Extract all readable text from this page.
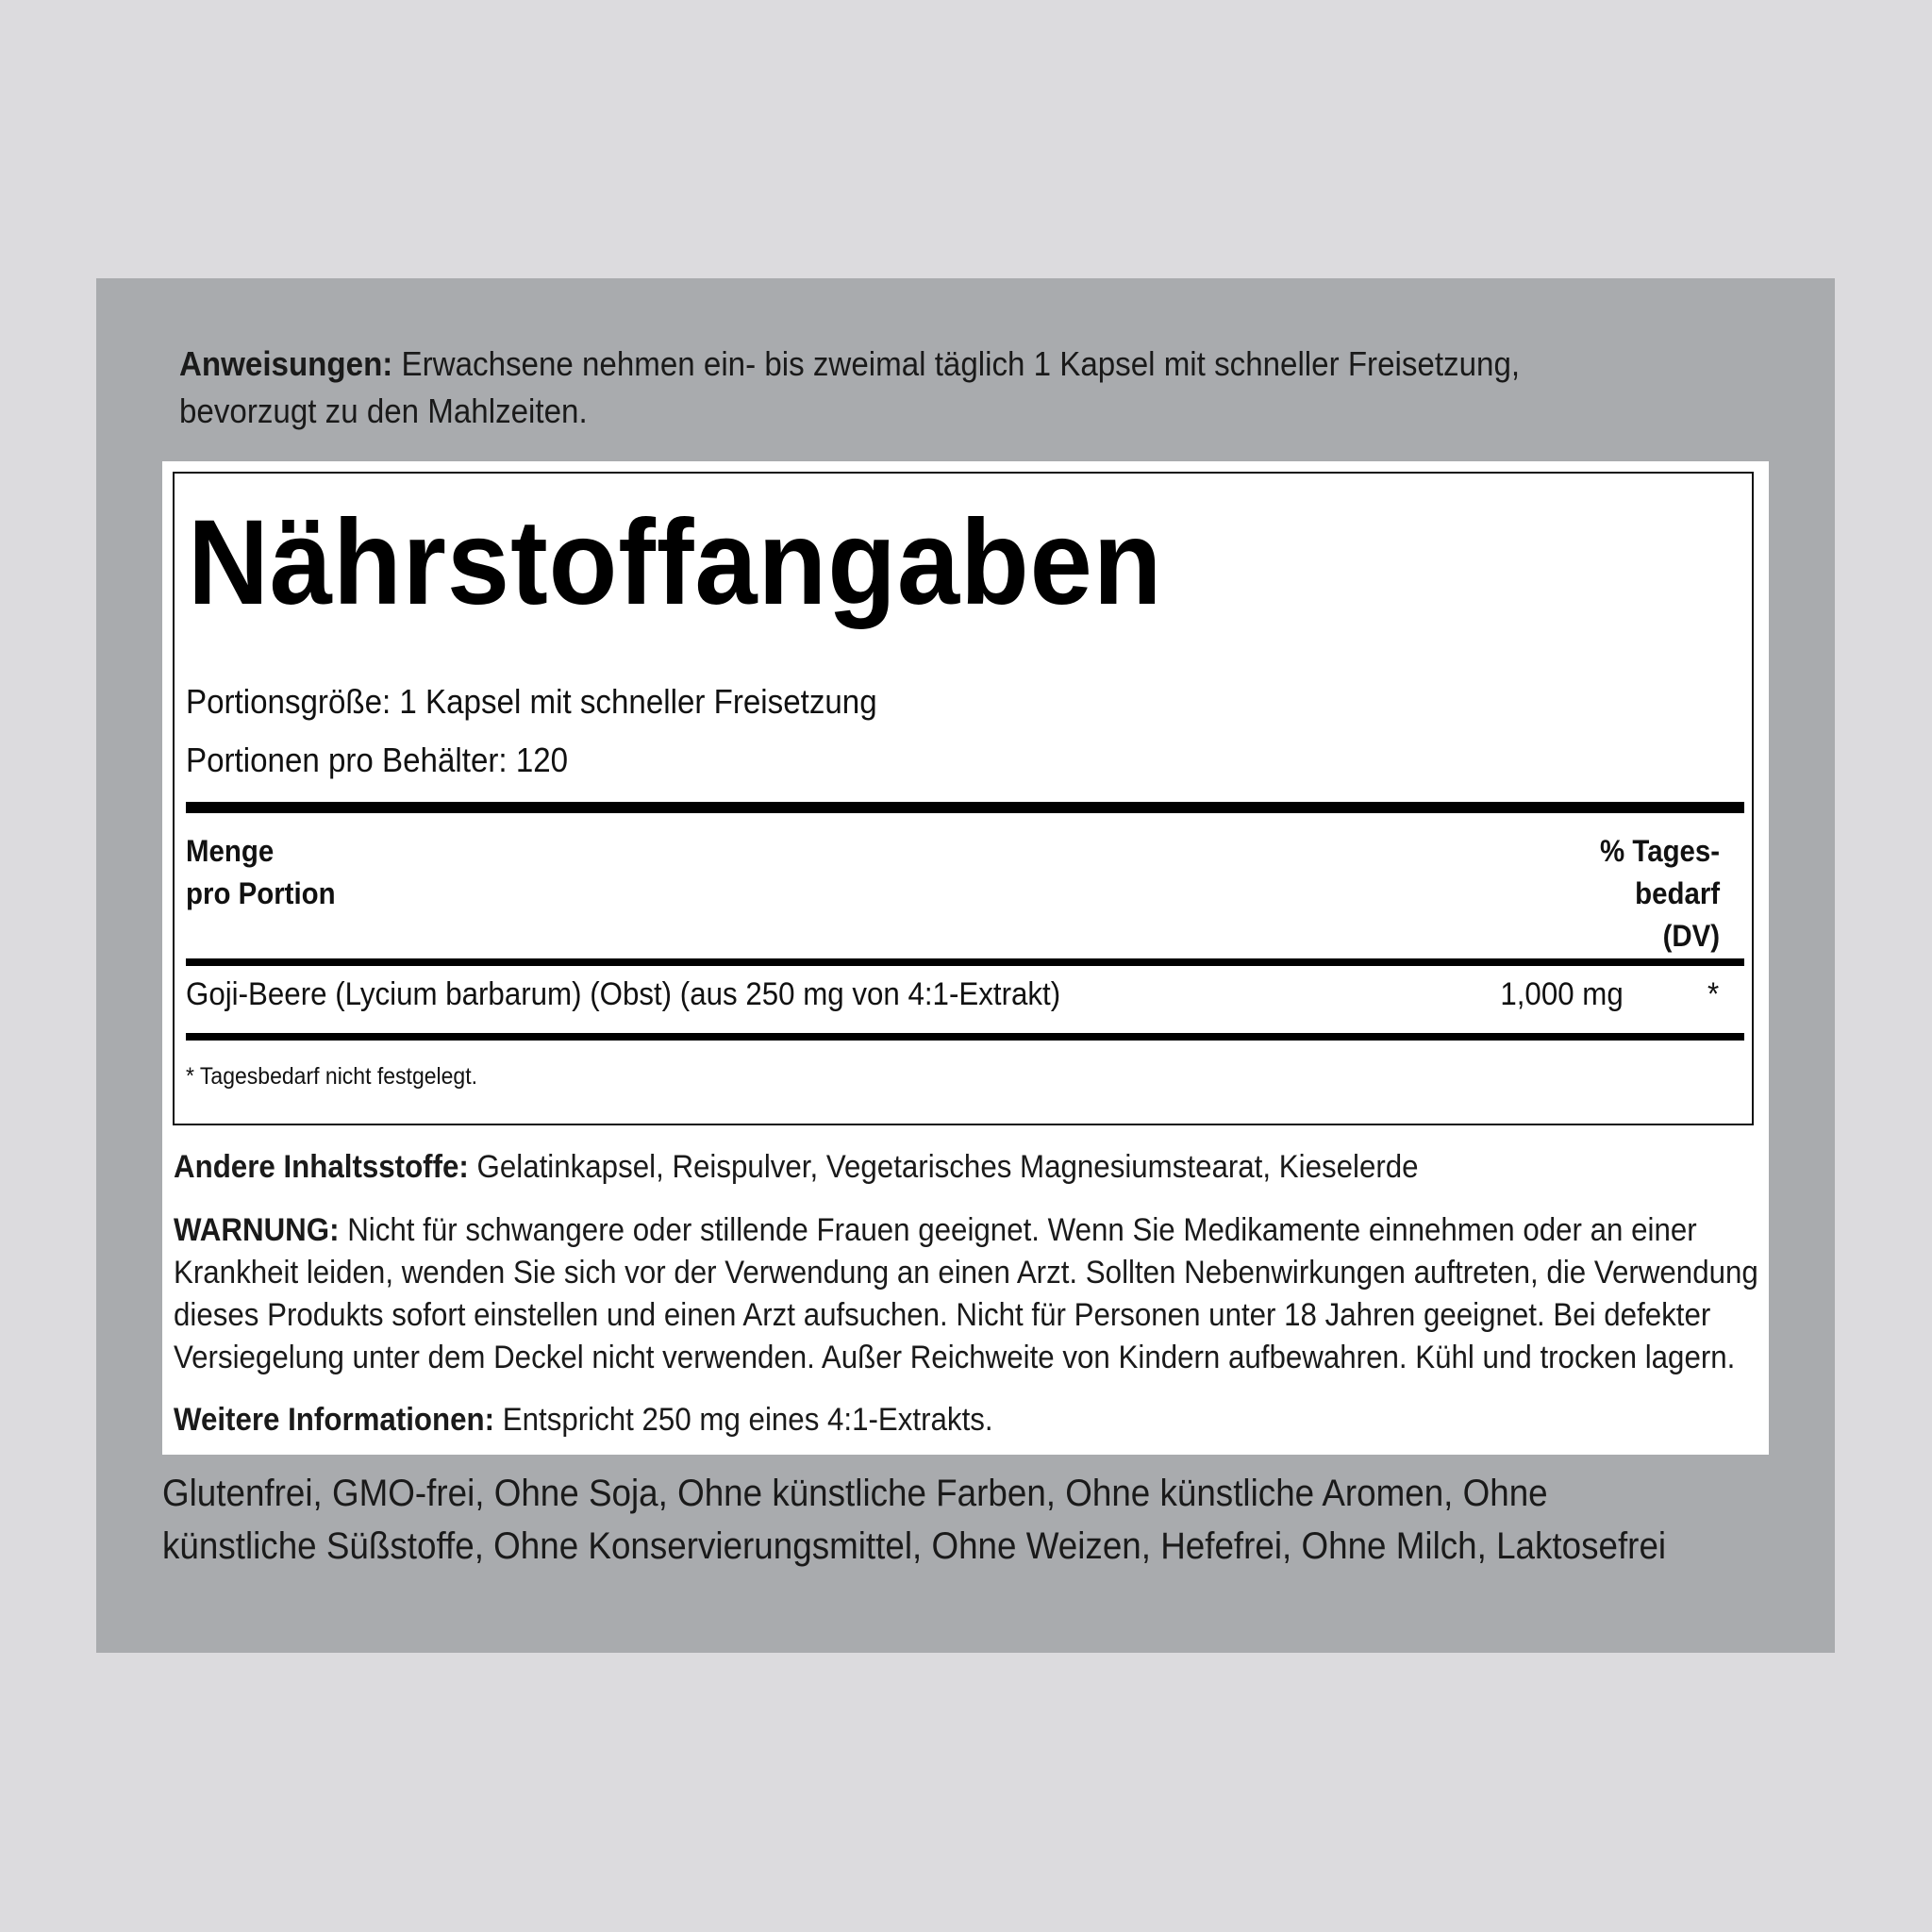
Anweisungen: Erwachsene nehmen ein- bis zweimal täglich 1 Kapsel mit schneller Freisetzung,
bevorzugt zu den Mahlzeiten.
Nährstoffangaben
Portionsgröße: 1 Kapsel mit schneller Freisetzung
Portionen pro Behälter: 120
Menge
pro Portion
% Tages-
bedarf
(DV)
Goji-Beere (Lycium barbarum) (Obst) (aus 250 mg von 4:1-Extrakt)	1,000 mg	*
* Tagesbedarf nicht festgelegt.
Andere Inhaltsstoffe: Gelatinkapsel, Reispulver, Vegetarisches Magnesiumstearat, Kieselerde
WARNUNG: Nicht für schwangere oder stillende Frauen geeignet. Wenn Sie Medikamente einnehmen oder an einer
Krankheit leiden, wenden Sie sich vor der Verwendung an einen Arzt. Sollten Nebenwirkungen auftreten, die Verwendung
dieses Produkts sofort einstellen und einen Arzt aufsuchen. Nicht für Personen unter 18 Jahren geeignet. Bei defekter
Versiegelung unter dem Deckel nicht verwenden. Außer Reichweite von Kindern aufbewahren. Kühl und trocken lagern.
Weitere Informationen: Entspricht 250 mg eines 4:1-Extrakts.
Glutenfrei, GMO-frei, Ohne Soja, Ohne künstliche Farben, Ohne künstliche Aromen, Ohne
künstliche Süßstoffe, Ohne Konservierungsmittel, Ohne Weizen, Hefefrei, Ohne Milch, Laktosefrei
